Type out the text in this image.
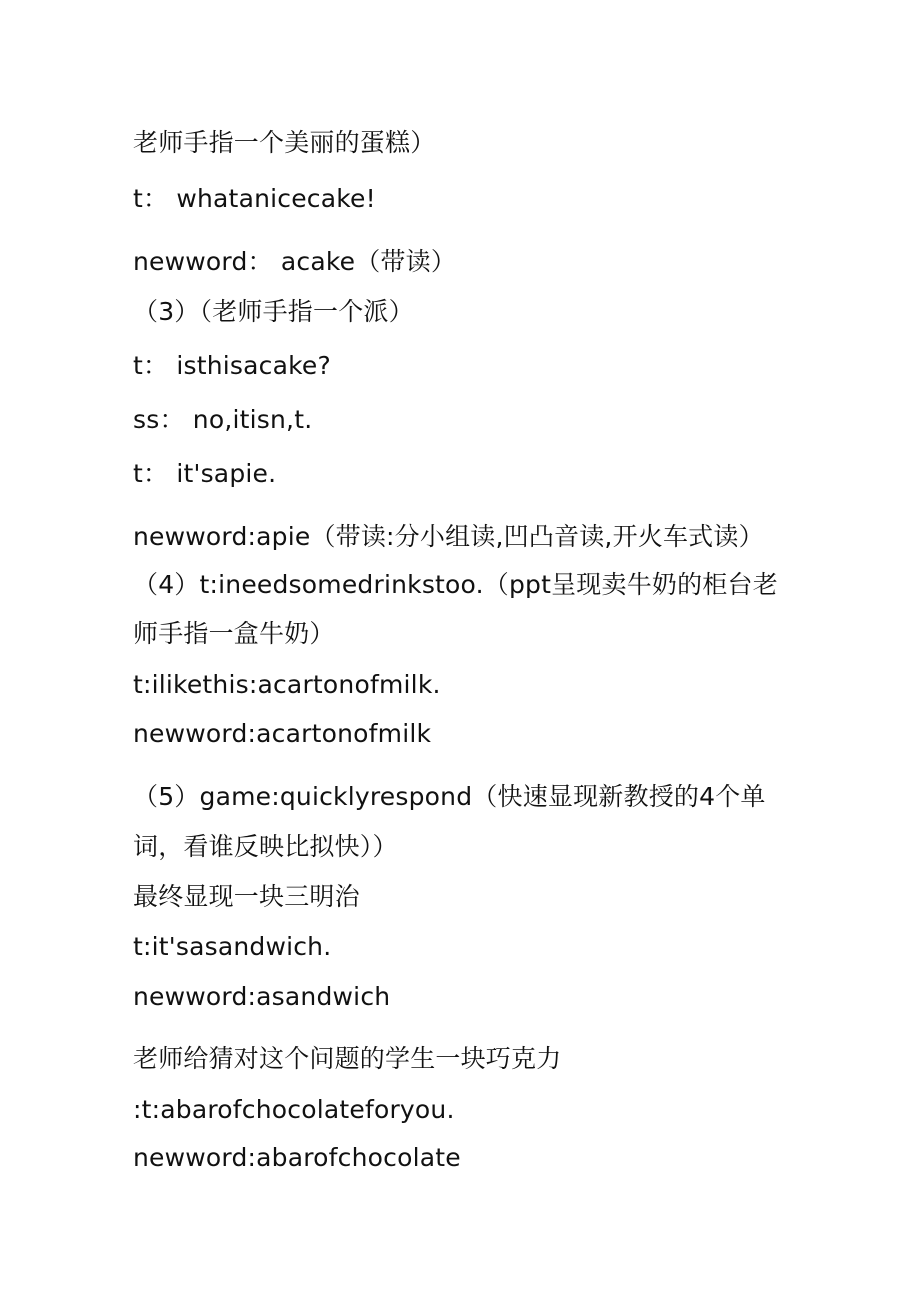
老师手指一个美丽的蛋糕）
t： whatanicecake!
newword： acake（带读）
（3）（老师手指一个派）
t： isthisacake?
ss： no,itisn,t.
t： it'sapie.
newword:apie（带读:分小组读,凹凸音读,开火车式读）
（4）t:ineedsomedrinkstoo.（ppt呈现卖牛奶的柜台老
师手指一盒牛奶）
t:ilikethis:acartonofmilk.
newword:acartonofmilk
（5）game:quicklyrespond（快速显现新教授的4个单
词，看谁反映比拟快））
最终显现一块三明治
t:it'sasandwich.
newword:asandwich
老师给猜对这个问题的学生一块巧克力
:t:abarofchocolateforyou.
newword:abarofchocolate
